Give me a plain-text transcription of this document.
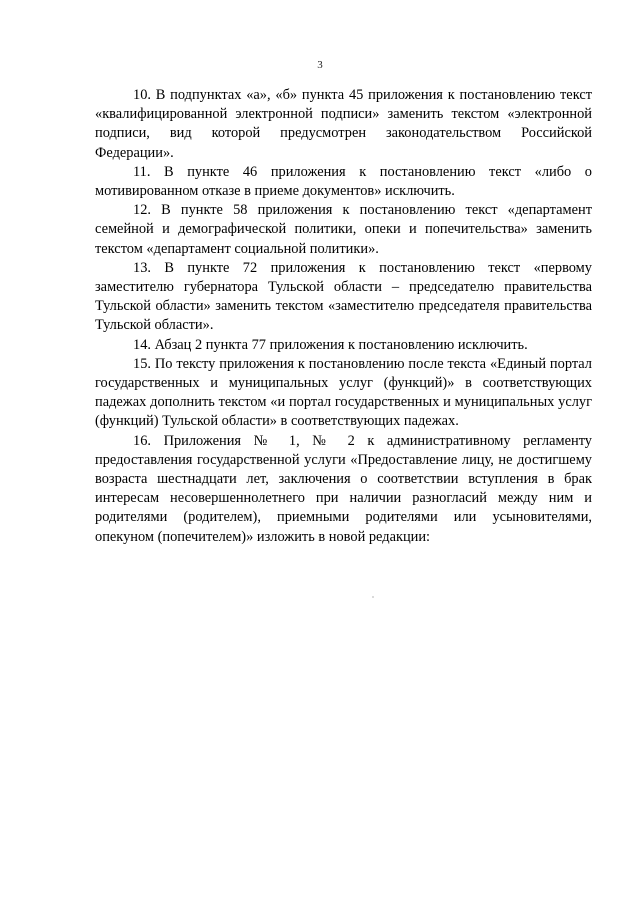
3

10. В подпунктах «а», «б» пункта 45 приложения к постановлению текст «квалифицированной электронной подписи» заменить текстом «электронной подписи, вид которой предусмотрен законодательством Российской Федерации».

11. В пункте 46 приложения к постановлению текст «либо о мотивированном отказе в приеме документов» исключить.

12. В пункте 58 приложения к постановлению текст «департамент семейной и демографической политики, опеки и попечительства» заменить текстом «департамент социальной политики».

13. В пункте 72 приложения к постановлению текст «первому заместителю губернатора Тульской области – председателю правительства Тульской области» заменить текстом «заместителю председателя правительства Тульской области».

14. Абзац 2 пункта 77 приложения к постановлению исключить.

15. По тексту приложения к постановлению после текста «Единый портал государственных и муниципальных услуг (функций)» в соответствующих падежах дополнить текстом «и портал государственных и муниципальных услуг (функций) Тульской области» в соответствующих падежах.

16. Приложения № 1, № 2 к административному регламенту предоставления государственной услуги «Предоставление лицу, не достигшему возраста шестнадцати лет, заключения о соответствии вступления в брак интересам несовершеннолетнего при наличии разногласий между ним и родителями (родителем), приемными родителями или усыновителями, опекуном (попечителем)» изложить в новой редакции:
